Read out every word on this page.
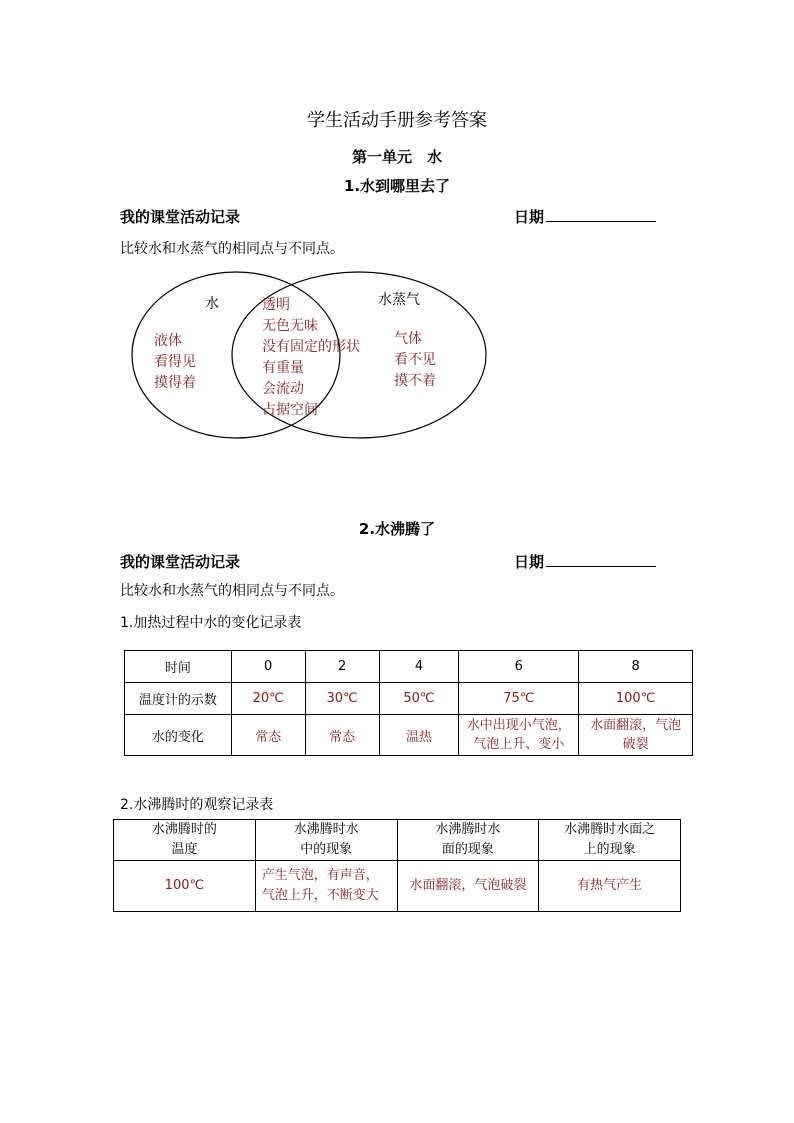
学生活动手册参考答案
第一单元　水
1.水到哪里去了
我的课堂活动记录	日期
比较水和水蒸气的相同点与不同点。
水	水蒸气
液体
看得见
摸得着
透明
无色无味
没有固定的形状
有重量
会流动
占据空间
气体
看不见
摸不着
2.水沸腾了
我的课堂活动记录	日期
比较水和水蒸气的相同点与不同点。
1.加热过程中水的变化记录表
时间	0	2	4	6	8
温度计的示数	20℃	30℃	50℃	75℃	100℃
水的变化	常态	常态	温热	水中出现小气泡，气泡上升、变小	水面翻滚，气泡破裂
2.水沸腾时的观察记录表
水沸腾时的温度	水沸腾时水中的现象	水沸腾时水面的现象	水沸腾时水面之上的现象
100℃	产生气泡，有声音，气泡上升，不断变大	水面翻滚，气泡破裂	有热气产生
